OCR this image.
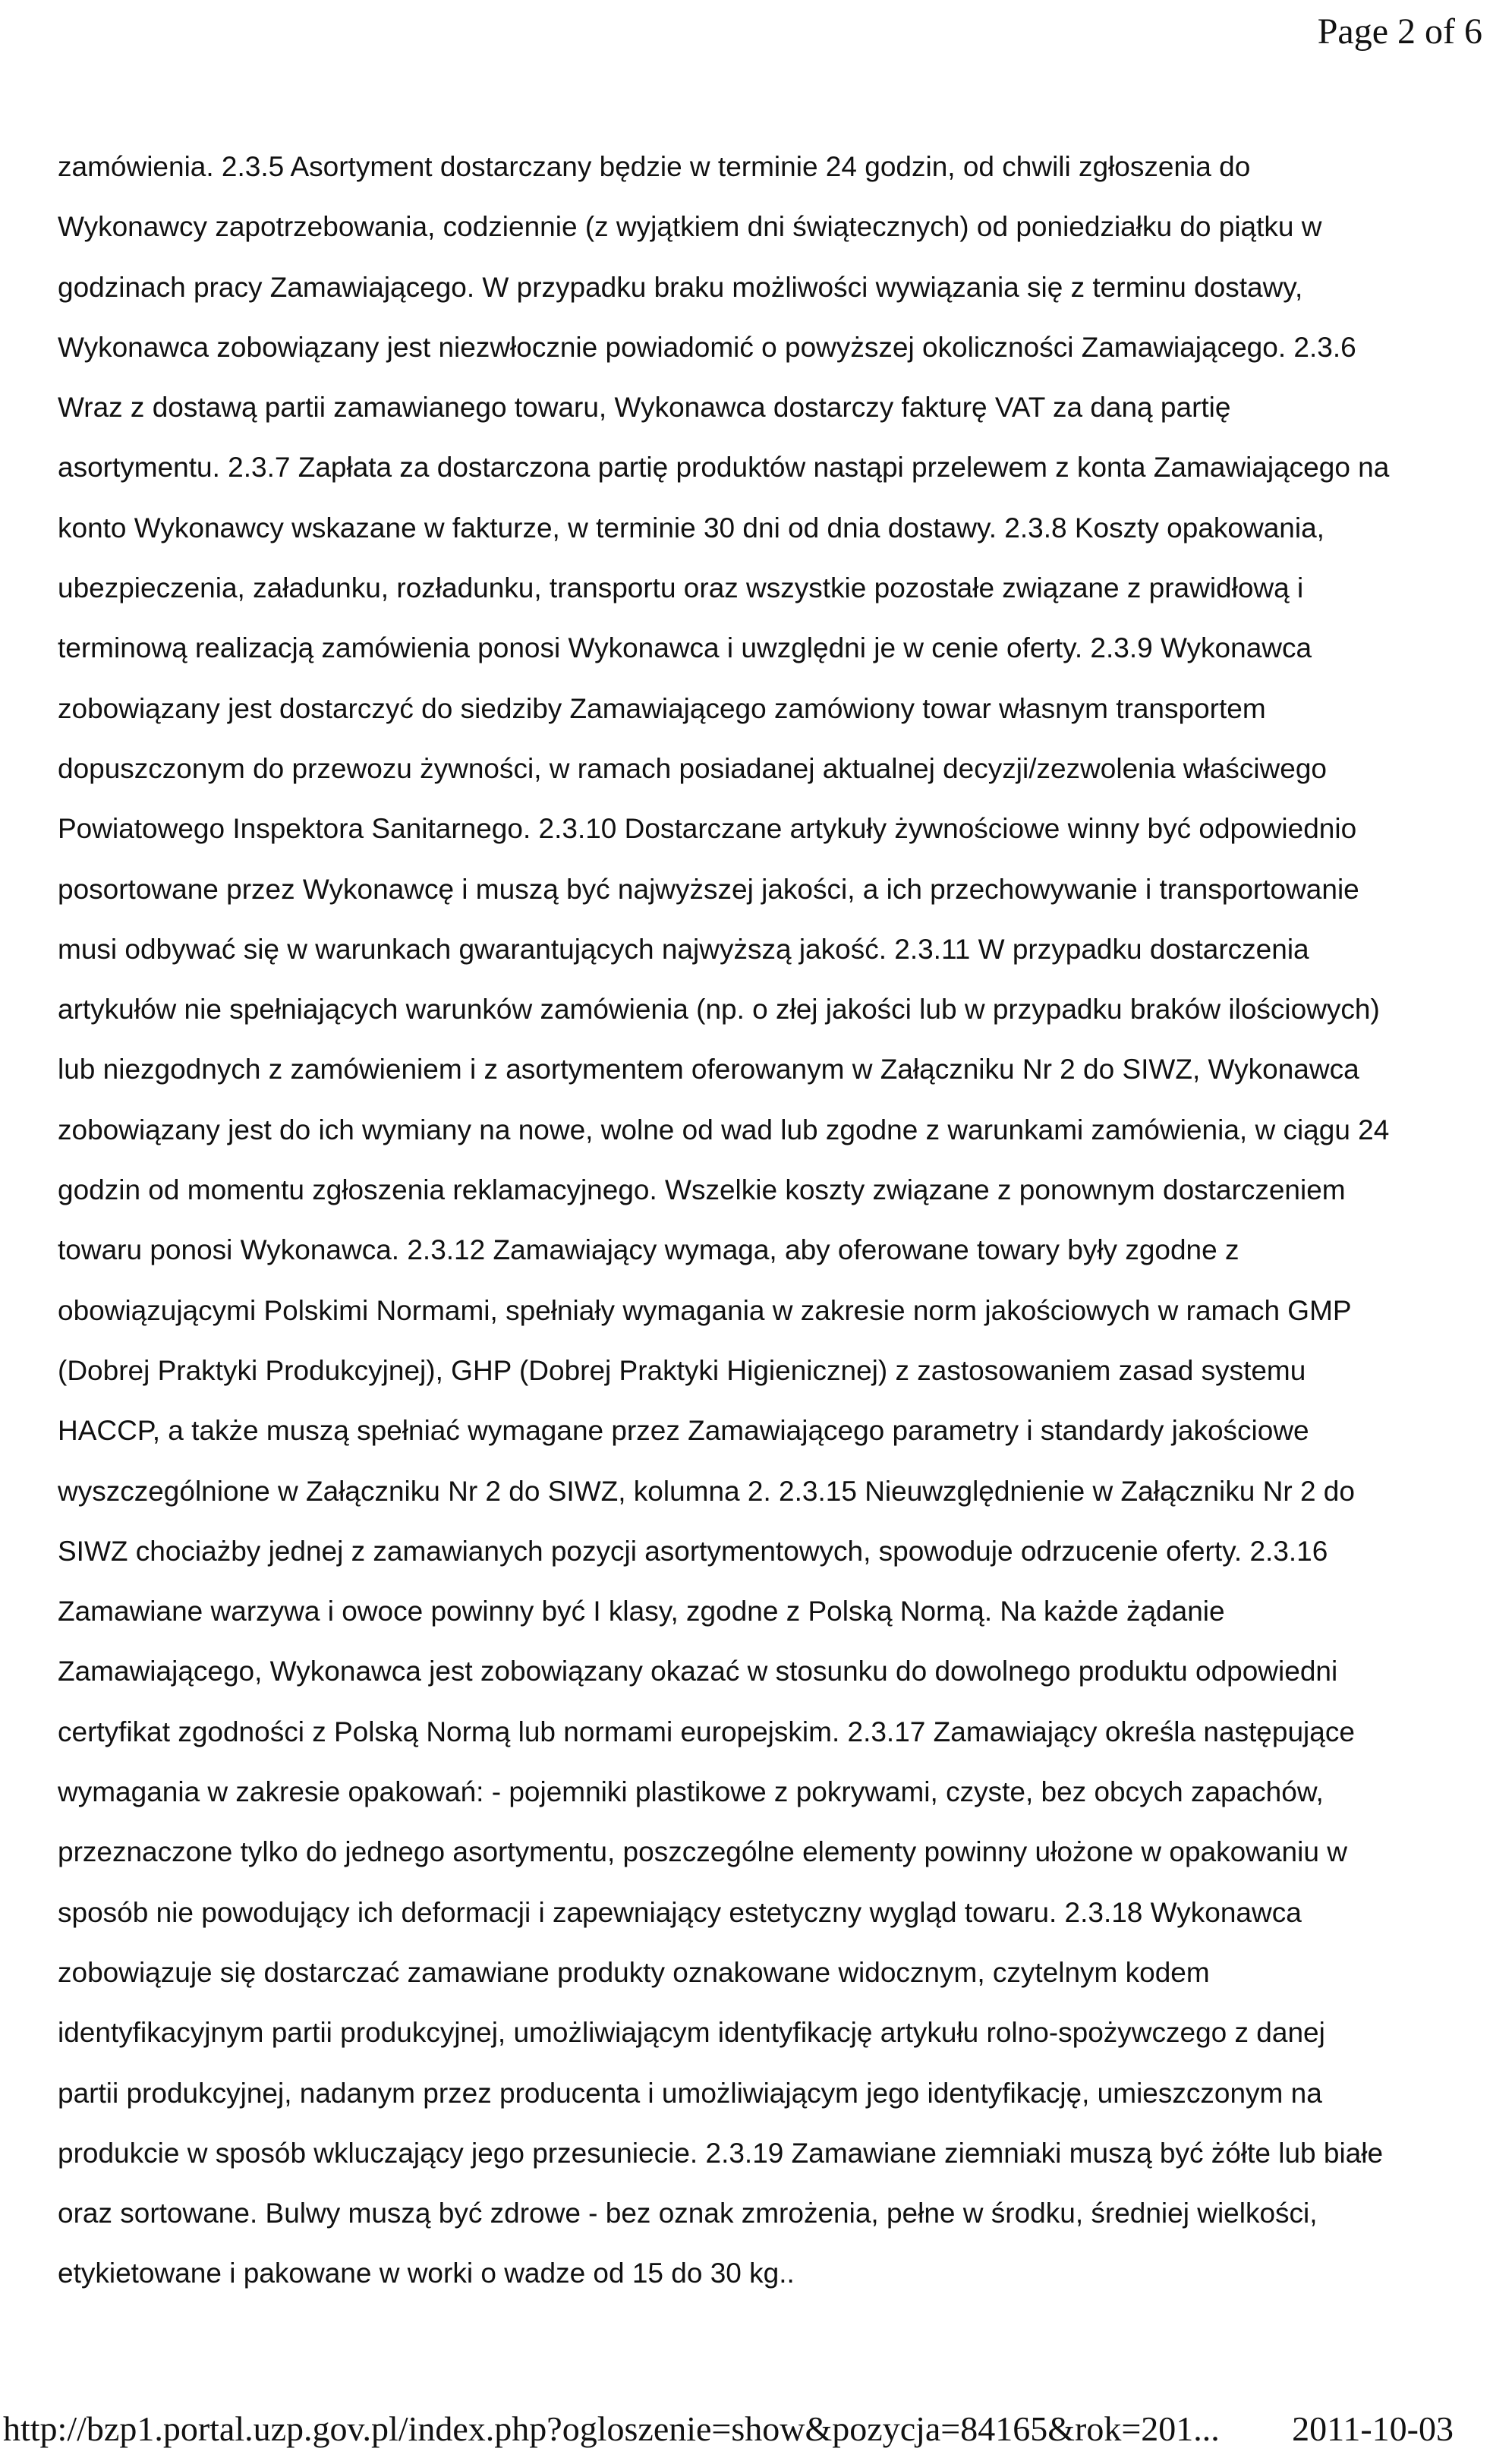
Page 2 of 6
zamówienia. 2.3.5 Asortyment dostarczany będzie w terminie 24 godzin, od chwili zgłoszenia do
Wykonawcy zapotrzebowania, codziennie (z wyjątkiem dni świątecznych) od poniedziałku do piątku w
godzinach pracy Zamawiającego. W przypadku braku możliwości wywiązania się z terminu dostawy,
Wykonawca zobowiązany jest niezwłocznie powiadomić o powyższej okoliczności Zamawiającego. 2.3.6
Wraz z dostawą partii zamawianego towaru, Wykonawca dostarczy fakturę VAT za daną partię
asortymentu. 2.3.7 Zapłata za dostarczona partię produktów nastąpi przelewem z konta Zamawiającego na
konto Wykonawcy wskazane w fakturze, w terminie 30 dni od dnia dostawy. 2.3.8 Koszty opakowania,
ubezpieczenia, załadunku, rozładunku, transportu oraz wszystkie pozostałe związane z prawidłową i
terminową realizacją zamówienia ponosi Wykonawca i uwzględni je w cenie oferty. 2.3.9 Wykonawca
zobowiązany jest dostarczyć do siedziby Zamawiającego zamówiony towar własnym transportem
dopuszczonym do przewozu żywności, w ramach posiadanej aktualnej decyzji/zezwolenia właściwego
Powiatowego Inspektora Sanitarnego. 2.3.10 Dostarczane artykuły żywnościowe winny być odpowiednio
posortowane przez Wykonawcę i muszą być najwyższej jakości, a ich przechowywanie i transportowanie
musi odbywać się w warunkach gwarantujących najwyższą jakość. 2.3.11 W przypadku dostarczenia
artykułów nie spełniających warunków zamówienia (np. o złej jakości lub w przypadku braków ilościowych)
lub niezgodnych z zamówieniem i z asortymentem oferowanym w Załączniku Nr 2 do SIWZ, Wykonawca
zobowiązany jest do ich wymiany na nowe, wolne od wad lub zgodne z warunkami zamówienia, w ciągu 24
godzin od momentu zgłoszenia reklamacyjnego. Wszelkie koszty związane z ponownym dostarczeniem
towaru ponosi Wykonawca. 2.3.12 Zamawiający wymaga, aby oferowane towary były zgodne z
obowiązującymi Polskimi Normami, spełniały wymagania w zakresie norm jakościowych w ramach GMP
(Dobrej Praktyki Produkcyjnej), GHP (Dobrej Praktyki Higienicznej) z zastosowaniem zasad systemu
HACCP, a także muszą spełniać wymagane przez Zamawiającego parametry i standardy jakościowe
wyszczególnione w Załączniku Nr 2 do SIWZ, kolumna 2. 2.3.15 Nieuwzględnienie w Załączniku Nr 2 do
SIWZ chociażby jednej z zamawianych pozycji asortymentowych, spowoduje odrzucenie oferty. 2.3.16
Zamawiane warzywa i owoce powinny być I klasy, zgodne z Polską Normą. Na każde żądanie
Zamawiającego, Wykonawca jest zobowiązany okazać w stosunku do dowolnego produktu odpowiedni
certyfikat zgodności z Polską Normą lub normami europejskim. 2.3.17 Zamawiający określa następujące
wymagania w zakresie opakowań: - pojemniki plastikowe z pokrywami, czyste, bez obcych zapachów,
przeznaczone tylko do jednego asortymentu, poszczególne elementy powinny ułożone w opakowaniu w
sposób nie powodujący ich deformacji i zapewniający estetyczny wygląd towaru. 2.3.18 Wykonawca
zobowiązuje się dostarczać zamawiane produkty oznakowane widocznym, czytelnym kodem
identyfikacyjnym partii produkcyjnej, umożliwiającym identyfikację artykułu rolno-spożywczego z danej
partii produkcyjnej, nadanym przez producenta i umożliwiającym jego identyfikację, umieszczonym na
produkcie w sposób wkluczający jego przesuniecie. 2.3.19 Zamawiane ziemniaki muszą być żółte lub białe
oraz sortowane. Bulwy muszą być zdrowe - bez oznak zmrożenia, pełne w środku, średniej wielkości,
etykietowane i pakowane w worki o wadze od 15 do 30 kg..
http://bzp1.portal.uzp.gov.pl/index.php?ogloszenie=show&pozycja=84165&rok=201... 2011-10-03
